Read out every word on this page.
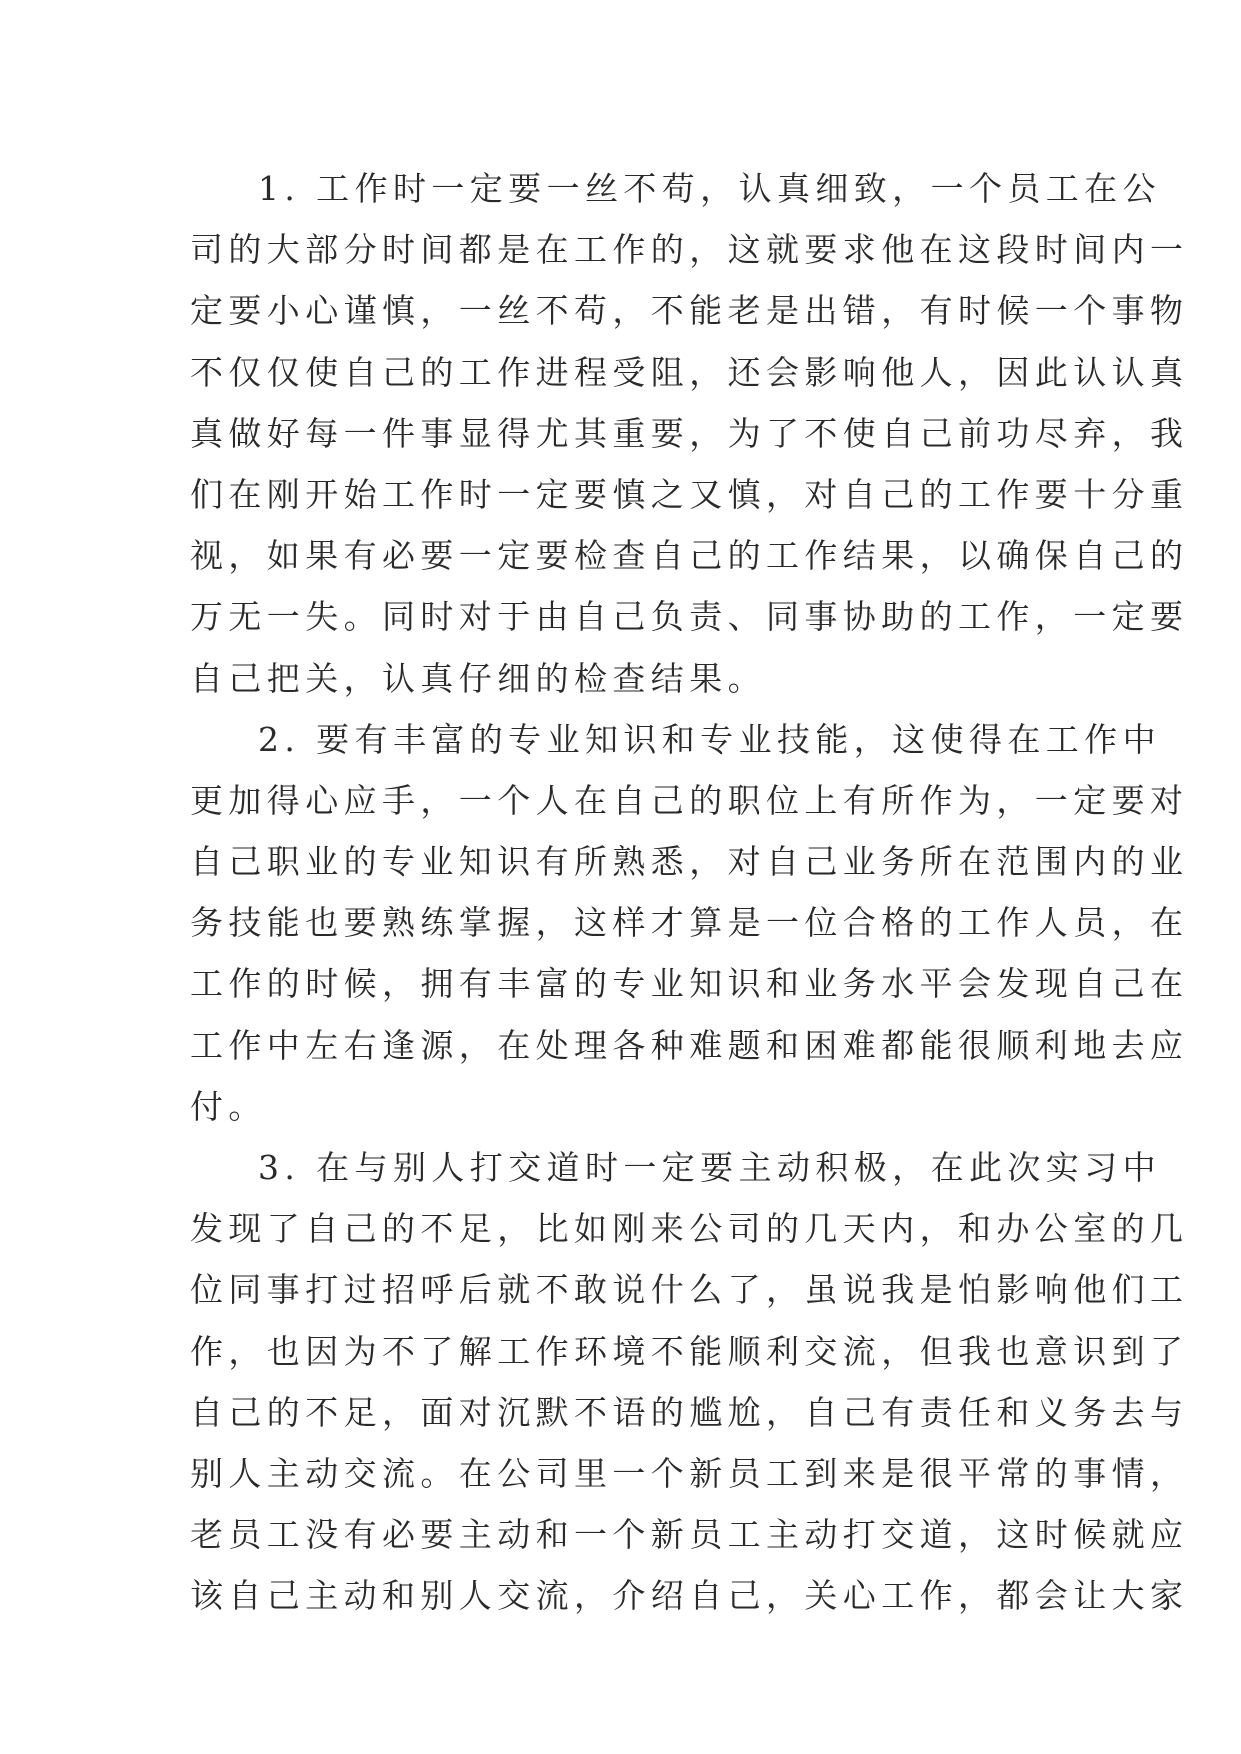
1. 工作时一定要一丝不苟，认真细致，一个员工在公
司的大部分时间都是在工作的，这就要求他在这段时间内一
定要小心谨慎，一丝不苟，不能老是出错，有时候一个事物
不仅仅使自己的工作进程受阻，还会影响他人，因此认认真
真做好每一件事显得尤其重要，为了不使自己前功尽弃，我
们在刚开始工作时一定要慎之又慎，对自己的工作要十分重
视，如果有必要一定要检查自己的工作结果，以确保自己的
万无一失。同时对于由自己负责、同事协助的工作，一定要
自己把关，认真仔细的检查结果。
2. 要有丰富的专业知识和专业技能，这使得在工作中
更加得心应手，一个人在自己的职位上有所作为，一定要对
自己职业的专业知识有所熟悉，对自己业务所在范围内的业
务技能也要熟练掌握，这样才算是一位合格的工作人员，在
工作的时候，拥有丰富的专业知识和业务水平会发现自己在
工作中左右逢源，在处理各种难题和困难都能很顺利地去应
付。
3. 在与别人打交道时一定要主动积极，在此次实习中
发现了自己的不足，比如刚来公司的几天内，和办公室的几
位同事打过招呼后就不敢说什么了，虽说我是怕影响他们工
作，也因为不了解工作环境不能顺利交流，但我也意识到了
自己的不足，面对沉默不语的尴尬，自己有责任和义务去与
别人主动交流。在公司里一个新员工到来是很平常的事情，
老员工没有必要主动和一个新员工主动打交道，这时候就应
该自己主动和别人交流，介绍自己，关心工作，都会让大家
